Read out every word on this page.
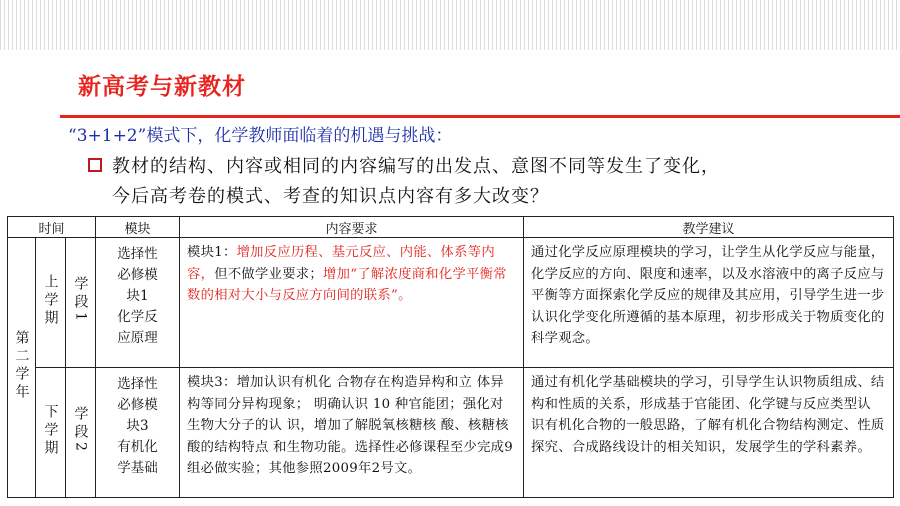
新高考与新教材
“3+1+2”模式下，化学教师面临着的机遇与挑战：
教材的结构、内容或相同的内容编写的出发点、意图不同等发生了变化，
今后高考卷的模式、考查的知识点内容有多大改变？
时间			模块	内容要求	教学建议
第二学年	上学期	学段1	选择性
必修模
块1
化学反
应原理	模块1：增加反应历程、基元反应、内能、体系等内容，但不做学业要求；增加“了解浓度商和化学平衡常数的相对大小与反应方向间的联系”。	通过化学反应原理模块的学习，让学生从化学反应与能量，化学反应的方向、限度和速率，以及水溶液中的离子反应与平衡等方面探索化学反应的规律及其应用，引导学生进一步认识化学变化所遵循的基本原理，初步形成关于物质变化的科学观念。
	下学期	学段2	选择性
必修模
块3
有机化
学基础	模块3：增加认识有机化 合物存在构造异构和立 体异构等同分异构现象； 明确认识 10 种官能团；强化对生物大分子的认 识，增加了解脱氧核糖核 酸、核糖核酸的结构特点 和生物功能。选择性必修课程至少完成9组必做实验；其他参照2009年2号文。	通过有机化学基础模块的学习，引导学生认识物质组成、结构和性质的关系，形成基于官能团、化学键与反应类型认 识有机化合物的一般思路，了解有机化合物结构测定、性质探究、合成路线设计的相关知识，发展学生的学科素养。
